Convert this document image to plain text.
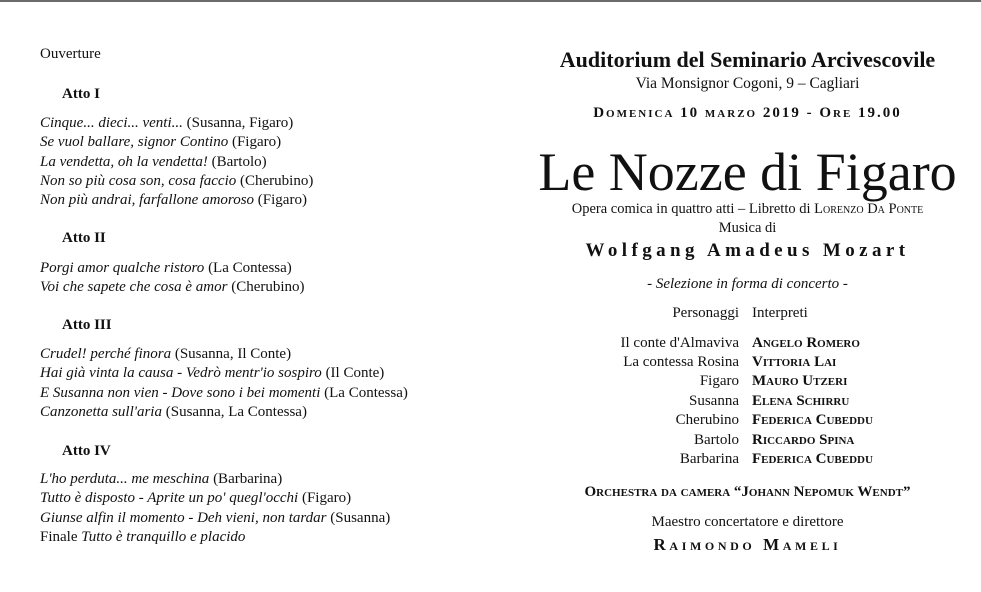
Ouverture
Atto I
Cinque... dieci... venti... (Susanna, Figaro)
Se vuol ballare, signor Contino (Figaro)
La vendetta, oh la vendetta! (Bartolo)
Non so più cosa son, cosa faccio (Cherubino)
Non più andrai, farfallone amoroso (Figaro)
Atto II
Porgi amor qualche ristoro (La Contessa)
Voi che sapete che cosa è amor (Cherubino)
Atto III
Crudel! perché finora (Susanna, Il Conte)
Hai già vinta la causa - Vedrò mentr'io sospiro (Il Conte)
E Susanna non vien - Dove sono i bei momenti (La Contessa)
Canzonetta sull'aria (Susanna, La Contessa)
Atto IV
L'ho perduta... me meschina (Barbarina)
Tutto è disposto - Aprite un po' quegl'occhi (Figaro)
Giunse alfin il momento - Deh vieni, non tardar (Susanna)
Finale Tutto è tranquillo e placido
Auditorium del Seminario Arcivescovile
Via Monsignor Cogoni, 9 – Cagliari
Domenica 10 marzo 2019 - Ore 19.00
Le Nozze di Figaro
Opera comica in quattro atti – Libretto di Lorenzo Da Ponte
Musica di
Wolfgang Amadeus Mozart
- Selezione in forma di concerto -
Personaggi Interpreti
Il conte d'Almaviva Angelo Romero
La contessa Rosina Vittoria Lai
Figaro Mauro Utzeri
Susanna Elena Schirru
Cherubino Federica Cubeddu
Bartolo Riccardo Spina
Barbarina Federica Cubeddu
Orchestra da camera “Johann Nepomuk Wendt”
Maestro concertatore e direttore
Raimondo Mameli
